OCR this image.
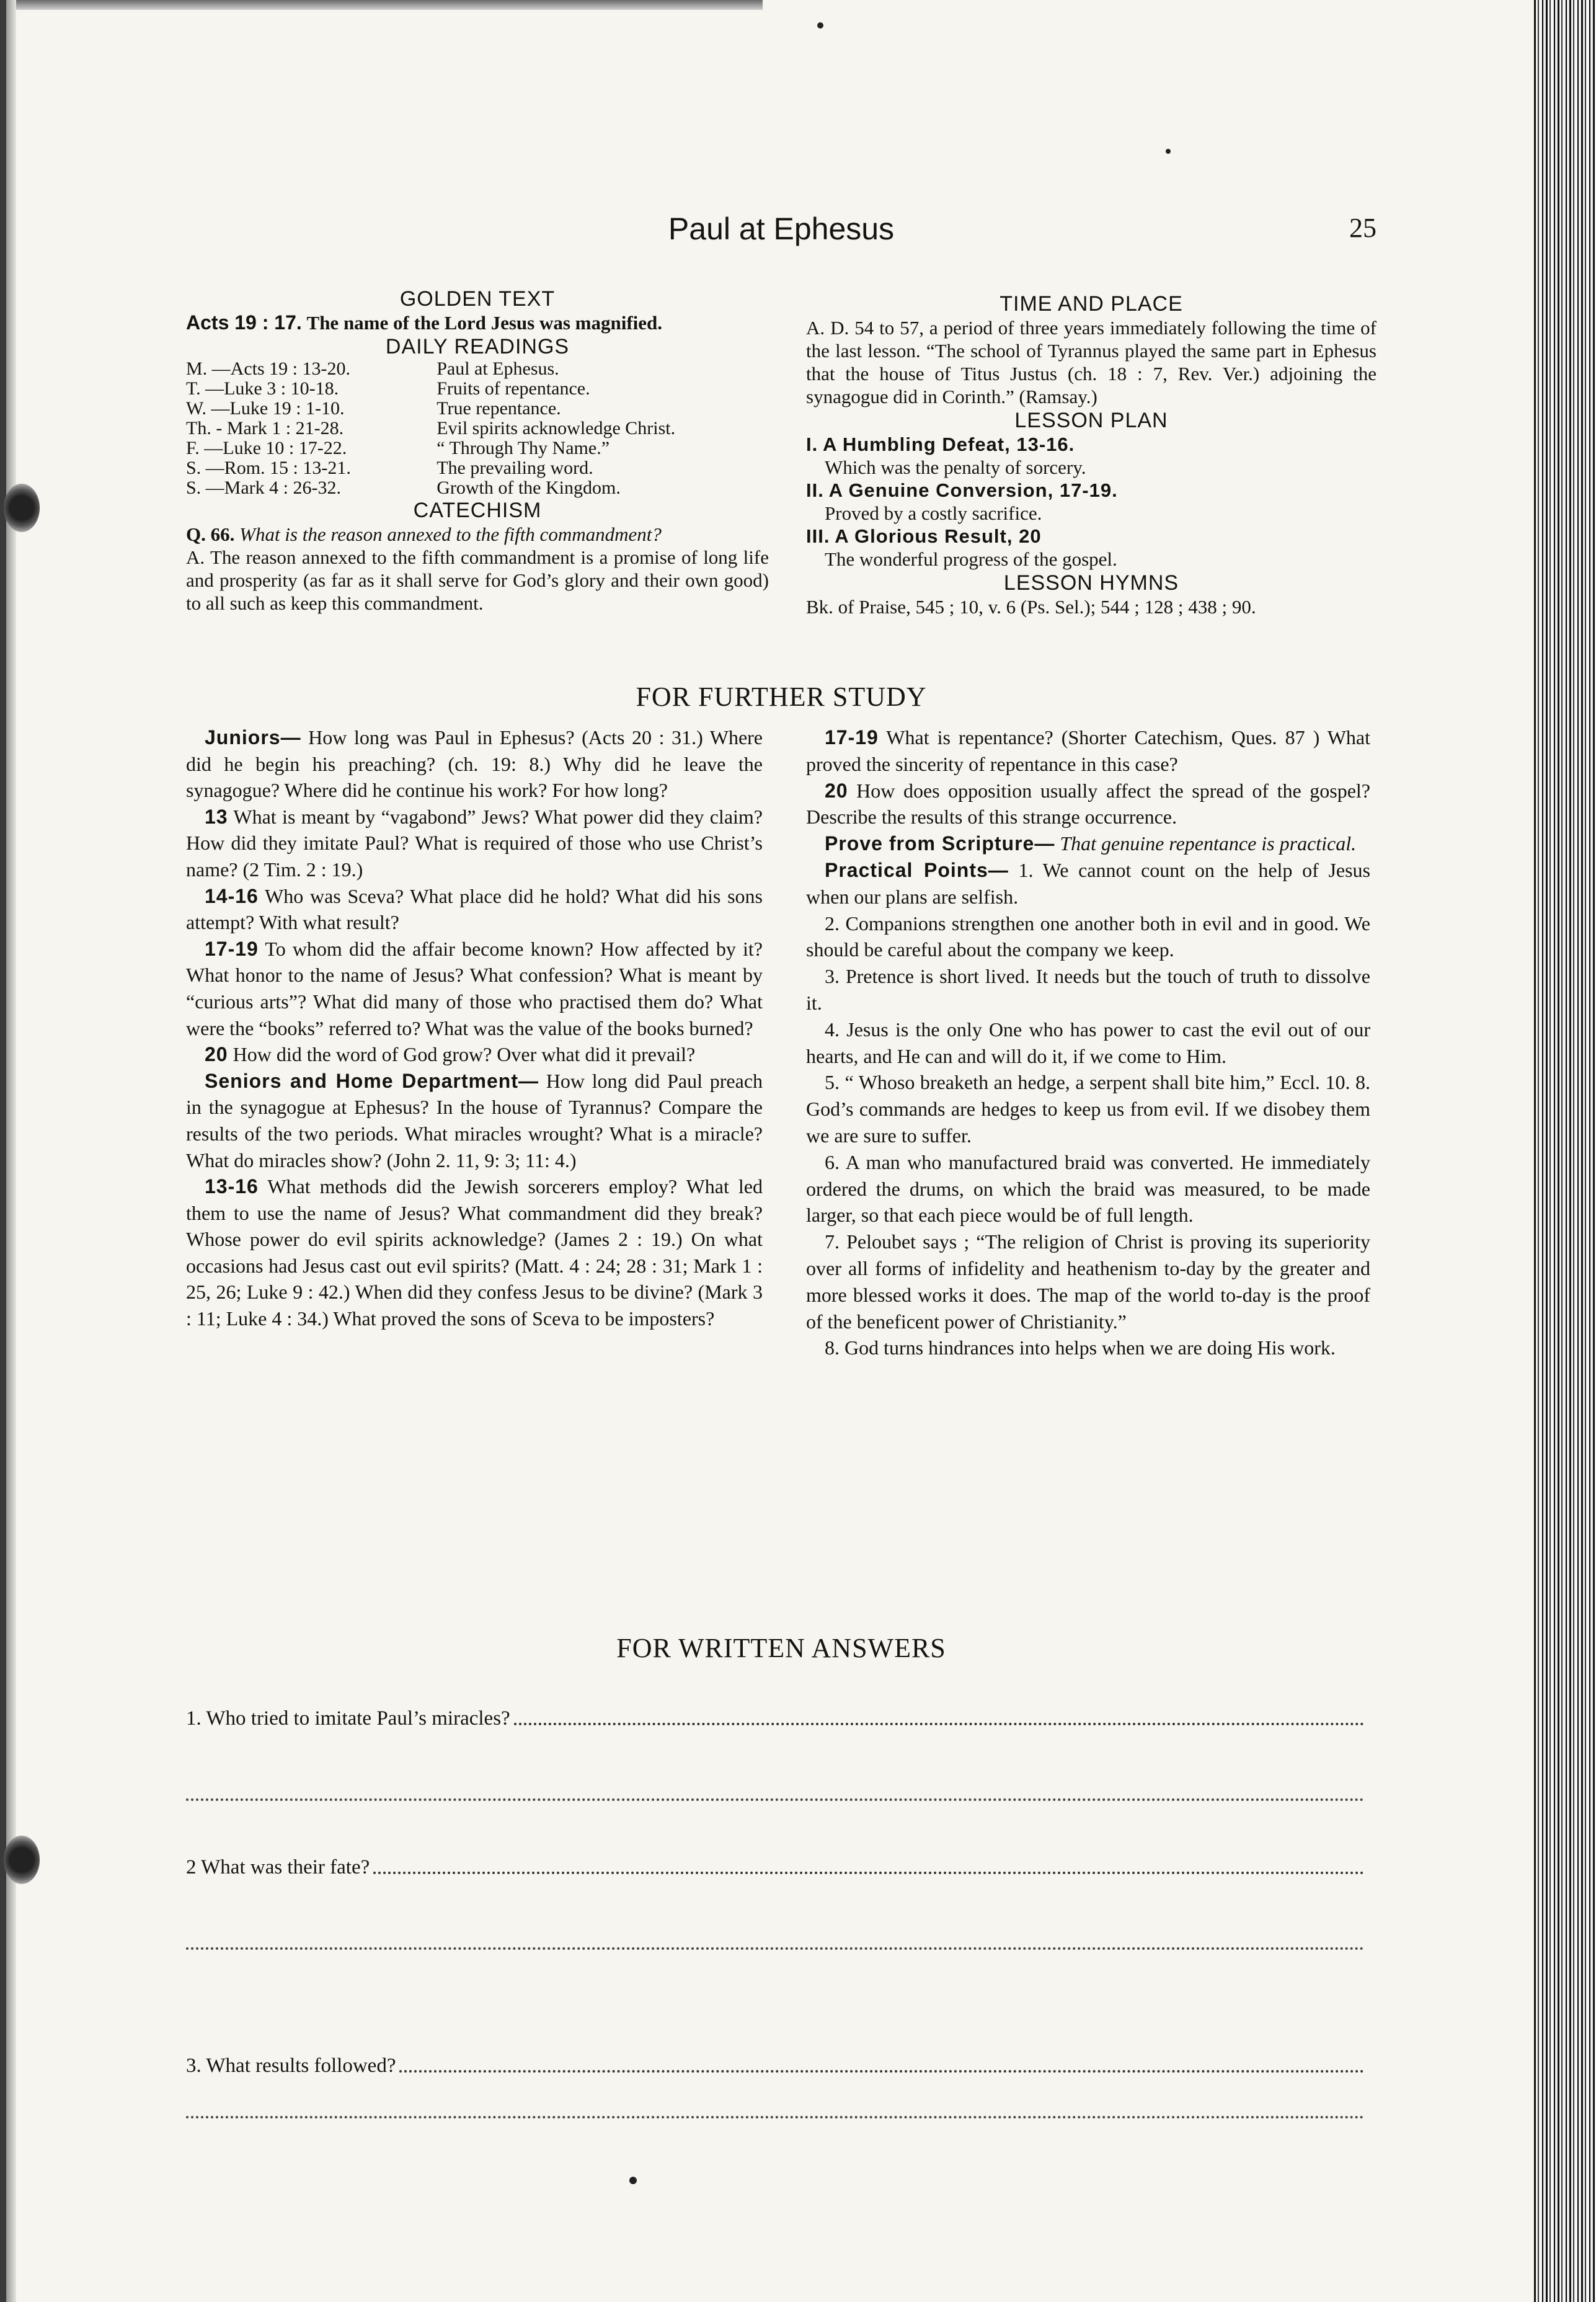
Paul at Ephesus	25
GOLDEN TEXT

Acts 19 : 17. The name of the Lord Jesus was magnified.

DAILY READINGS
M. —Acts 19 : 13-20.	Paul at Ephesus.
T. —Luke 3 : 10-18.	Fruits of repentance.
W. —Luke 19 : 1-10.	True repentance.
Th. - Mark 1 : 21-28.	Evil spirits acknowledge Christ.
F. —Luke 10 : 17-22.	“ Through Thy Name.”
S. —Rom. 15 : 13-21.	The prevailing word.
S. —Mark 4 : 26-32.	Growth of the Kingdom.
CATECHISM

Q. 66. What is the reason annexed to the fifth commandment?

A. The reason annexed to the fifth commandment is a promise of long life and prosperity (as far as it shall serve for God’s glory and their own good) to all such as keep this commandment.

TIME AND PLACE

A. D. 54 to 57, a period of three years immediately following the time of the last lesson. “The school of Tyrannus played the same part in Ephesus that the house of Titus Justus (ch. 18 : 7, Rev. Ver.) adjoining the synagogue did in Corinth.” (Ramsay.)

LESSON PLAN

I. A Humbling Defeat, 13-16.

Which was the penalty of sorcery.

II. A Genuine Conversion, 17-19.

Proved by a costly sacrifice.

III. A Glorious Result, 20

The wonderful progress of the gospel.

LESSON HYMNS

Bk. of Praise, 545 ; 10, v. 6 (Ps. Sel.); 544 ; 128 ; 438 ; 90.

FOR FURTHER STUDY

Juniors— How long was Paul in Ephesus? (Acts 20 : 31.) Where did he begin his preaching? (ch. 19: 8.) Why did he leave the synagogue? Where did he continue his work? For how long?

13 What is meant by “vagabond” Jews? What power did they claim? How did they imitate Paul? What is required of those who use Christ’s name? (2 Tim. 2 : 19.)

14-16 Who was Sceva? What place did he hold? What did his sons attempt? With what result?

17-19 To whom did the affair become known? How affected by it? What honor to the name of Jesus? What confession? What is meant by “curious arts”? What did many of those who practised them do? What were the “books” referred to? What was the value of the books burned?

20 How did the word of God grow? Over what did it prevail?

Seniors and Home Department— How long did Paul preach in the synagogue at Ephesus? In the house of Tyrannus? Compare the results of the two periods. What miracles wrought? What is a miracle? What do miracles show? (John 2. 11, 9: 3; 11: 4.)

13-16 What methods did the Jewish sorcerers employ? What led them to use the name of Jesus? What commandment did they break? Whose power do evil spirits acknowledge? (James 2 : 19.) On what occasions had Jesus cast out evil spirits? (Matt. 4 : 24; 28 : 31; Mark 1 : 25, 26; Luke 9 : 42.) When did they confess Jesus to be divine? (Mark 3 : 11; Luke 4 : 34.) What proved the sons of Sceva to be imposters?

17-19 What is repentance? (Shorter Catechism, Ques. 87 ) What proved the sincerity of repentance in this case?

20 How does opposition usually affect the spread of the gospel? Describe the results of this strange occurrence.

Prove from Scripture— That genuine repentance is practical.

Practical Points— 1. We cannot count on the help of Jesus when our plans are selfish.

2. Companions strengthen one another both in evil and in good. We should be careful about the company we keep.

3. Pretence is short lived. It needs but the touch of truth to dissolve it.

4. Jesus is the only One who has power to cast the evil out of our hearts, and He can and will do it, if we come to Him.

5. “ Whoso breaketh an hedge, a serpent shall bite him,” Eccl. 10. 8. God’s commands are hedges to keep us from evil. If we disobey them we are sure to suffer.

6. A man who manufactured braid was converted. He immediately ordered the drums, on which the braid was measured, to be made larger, so that each piece would be of full length.

7. Peloubet says ; “The religion of Christ is proving its superiority over all forms of infidelity and heathenism to-day by the greater and more blessed works it does. The map of the world to-day is the proof of the beneficent power of Christianity.”

8. God turns hindrances into helps when we are doing His work.

FOR WRITTEN ANSWERS
1. Who tried to imitate Paul’s miracles?
2 What was their fate?
3. What results followed?
